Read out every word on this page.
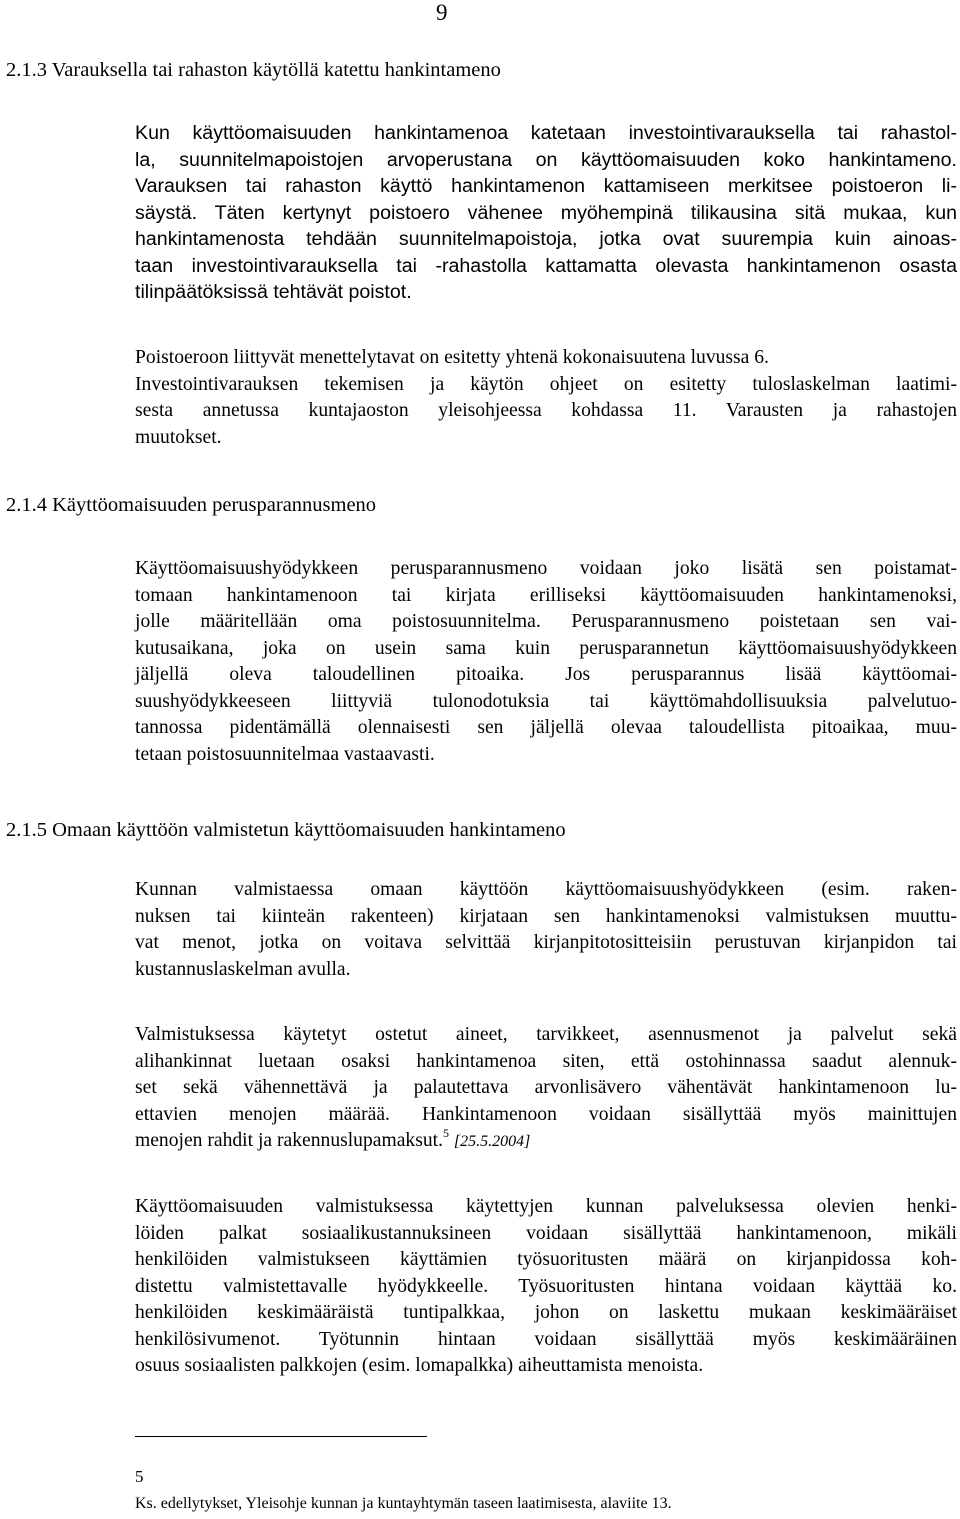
9
2.1.3 Varauksella tai rahaston käytöllä katettu hankintameno
Kun käyttöomaisuuden hankintamenoa katetaan investointivarauksella tai rahastol-
la, suunnitelmapoistojen arvoperustana on käyttöomaisuuden koko hankintameno.
Varauksen tai rahaston käyttö hankintamenon kattamiseen merkitsee poistoeron li-
säystä. Täten kertynyt poistoero vähenee myöhempinä tilikausina sitä mukaa, kun
hankintamenosta tehdään suunnitelmapoistoja, jotka ovat suurempia kuin ainoas-
taan investointivarauksella tai -rahastolla kattamatta olevasta hankintamenon osasta
tilinpäätöksissä tehtävät poistot.
Poistoeroon liittyvät menettelytavat on esitetty yhtenä kokonaisuutena luvussa 6.
Investointivarauksen tekemisen ja käytön ohjeet on esitetty tuloslaskelman laatimi-
sesta annetussa kuntajaoston yleisohjeessa kohdassa 11. Varausten ja rahastojen
muutokset.
2.1.4 Käyttöomaisuuden perusparannusmeno
Käyttöomaisuushyödykkeen perusparannusmeno voidaan joko lisätä sen poistamat-
tomaan hankintamenoon tai kirjata erilliseksi käyttöomaisuuden hankintamenoksi,
jolle määritellään oma poistosuunnitelma. Perusparannusmeno poistetaan sen vai-
kutusaikana, joka on usein sama kuin perusparannetun käyttöomaisuushyödykkeen
jäljellä oleva taloudellinen pitoaika. Jos perusparannus lisää käyttöomai-
suushyödykkeeseen liittyviä tulonodotuksia tai käyttömahdollisuuksia palvelutuo-
tannossa pidentämällä olennaisesti sen jäljellä olevaa taloudellista pitoaikaa, muu-
tetaan poistosuunnitelmaa vastaavasti.
2.1.5 Omaan käyttöön valmistetun käyttöomaisuuden hankintameno
Kunnan valmistaessa omaan käyttöön käyttöomaisuushyödykkeen (esim. raken-
nuksen tai kiinteän rakenteen) kirjataan sen hankintamenoksi valmistuksen muuttu-
vat menot, jotka on voitava selvittää kirjanpitotositteisiin perustuvan kirjanpidon tai
kustannuslaskelman avulla.
Valmistuksessa käytetyt ostetut aineet, tarvikkeet, asennusmenot ja palvelut sekä
alihankinnat luetaan osaksi hankintamenoa siten, että ostohinnassa saadut alennuk-
set sekä vähennettävä ja palautettava arvonlisävero vähentävät hankintamenoon lu-
ettavien menojen määrää. Hankintamenoon voidaan sisällyttää myös mainittujen
menojen rahdit ja rakennuslupamaksut.$^5$ [25.5.2004]
Käyttöomaisuuden valmistuksessa käytettyjen kunnan palveluksessa olevien henki-
löiden palkat sosiaalikustannuksineen voidaan sisällyttää hankintamenoon, mikäli
henkilöiden valmistukseen käyttämien työsuoritusten määrä on kirjanpidossa koh-
distettu valmistettavalle hyödykkeelle. Työsuoritusten hintana voidaan käyttää ko.
henkilöiden keskimääräistä tuntipalkkaa, johon on laskettu mukaan keskimääräiset
henkilösivumenot. Työtunnin hintaan voidaan sisällyttää myös keskimääräinen
osuus sosiaalisten palkkojen (esim. lomapalkka) aiheuttamista menoista.
5
Ks. edellytykset, Yleisohje kunnan ja kuntayhtymän taseen laatimisesta, alaviite 13.
